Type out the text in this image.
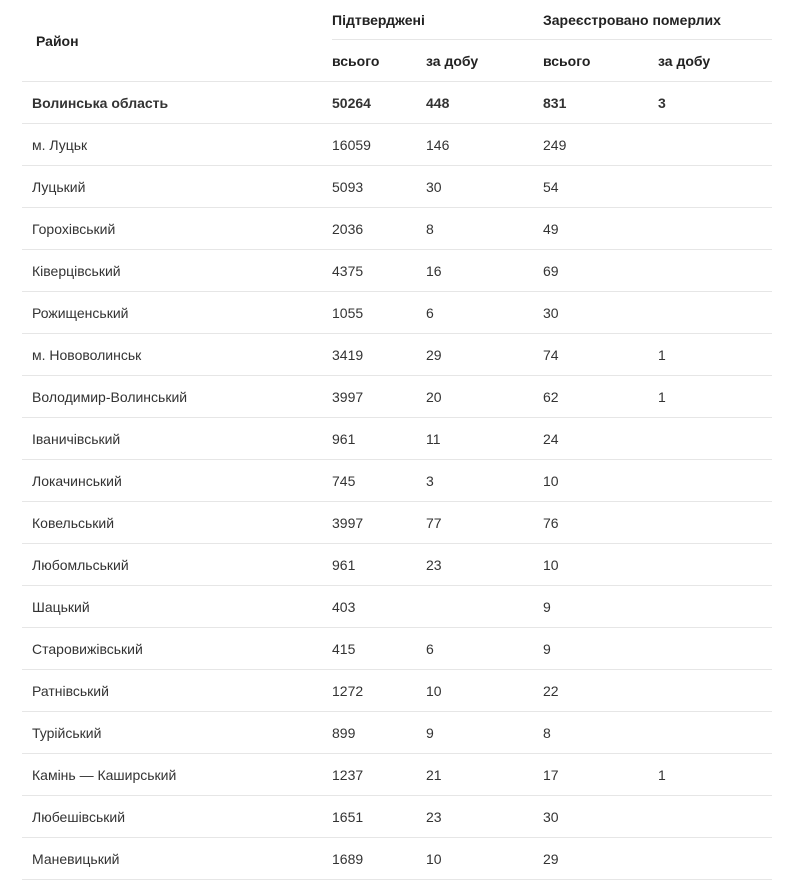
Район	Підтверджені		Зареєстровано померлих	
	всього	за добу	всього	за добу
Волинська область	50264	448	831	3
м. Луцьк	16059	146	249	
Луцький	5093	30	54	
Горохівський	2036	8	49	
Ківерцівський	4375	16	69	
Рожищенський	1055	6	30	
м. Нововолинськ	3419	29	74	1
Володимир-Волинський	3997	20	62	1
Іваничівський	961	11	24	
Локачинський	745	3	10	
Ковельський	3997	77	76	
Любомльський	961	23	10	
Шацький	403		9	
Старовижівський	415	6	9	
Ратнівський	1272	10	22	
Турійський	899	9	8	
Камінь — Каширський	1237	21	17	1
Любешівський	1651	23	30	
Маневицький	1689	10	29	
